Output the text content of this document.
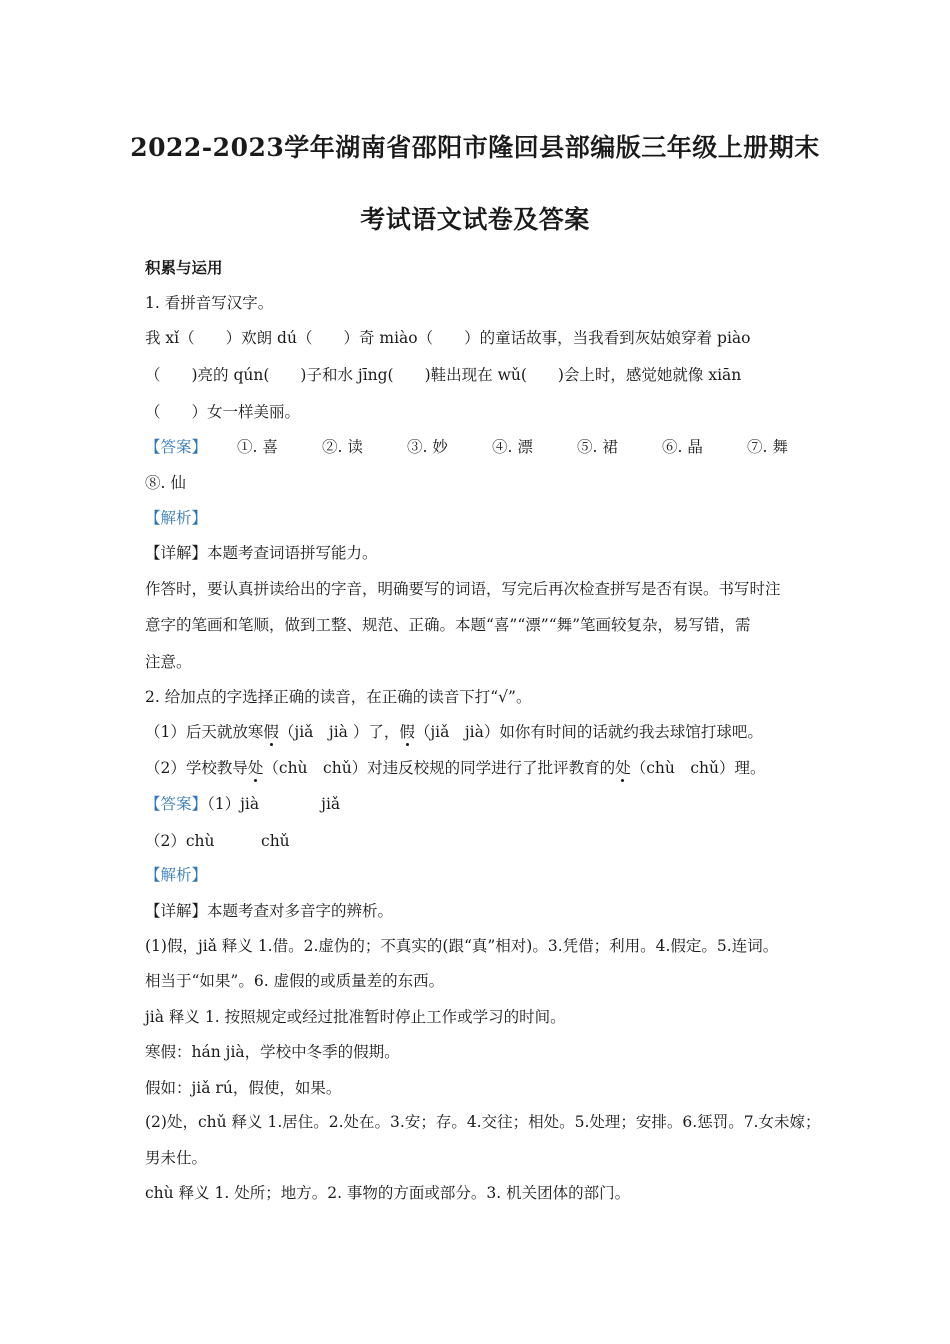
2022-2023学年湖南省邵阳市隆回县部编版三年级上册期末
考试语文试卷及答案
积累与运用
1. 看拼音写汉字。
我 xǐ（　　）欢朗 dú（　　）奇 miào（　　）的童话故事，当我看到灰姑娘穿着 piào
（　　)亮的 qún(　　)子和水 jīng(　　)鞋出现在 wǔ(　　)会上时，感觉她就像 xiān
（　　）女一样美丽。
【答案】 ①. 喜	②. 读	③. 妙	④. 漂	⑤. 裙	⑥. 晶	⑦. 舞
⑧. 仙
【解析】
【详解】本题考查词语拼写能力。
作答时，要认真拼读给出的字音，明确要写的词语，写完后再次检查拼写是否有误。书写时注
意字的笔画和笔顺，做到工整、规范、正确。本题“喜”“漂”“舞”笔画较复杂，易写错，需
注意。
2. 给加点的字选择正确的读音，在正确的读音下打“√”。
（1）后天就放寒假（jiǎ　jià ）了，假（jiǎ　jià）如你有时间的话就约我去球馆打球吧。
（2）学校教导处（chù　chǔ）对违反校规的同学进行了批评教育的处（chù　chǔ）理。
【答案】（1）jià　　　　jiǎ
（2）chù　　　chǔ
【解析】
【详解】本题考查对多音字的辨析。
(1)假，jiǎ 释义 1.借。2.虚伪的；不真实的(跟“真”相对)。3.凭借；利用。4.假定。5.连词。
相当于“如果”。6. 虚假的或质量差的东西。
jià 释义 1. 按照规定或经过批准暂时停止工作或学习的时间。
寒假：hán jià，学校中冬季的假期。
假如：jiǎ rú，假使，如果。
(2)处，chǔ 释义 1.居住。2.处在。3.安；存。4.交往；相处。5.处理；安排。6.惩罚。7.女未嫁；
男未仕。
chù 释义 1. 处所；地方。2. 事物的方面或部分。3. 机关团体的部门。
